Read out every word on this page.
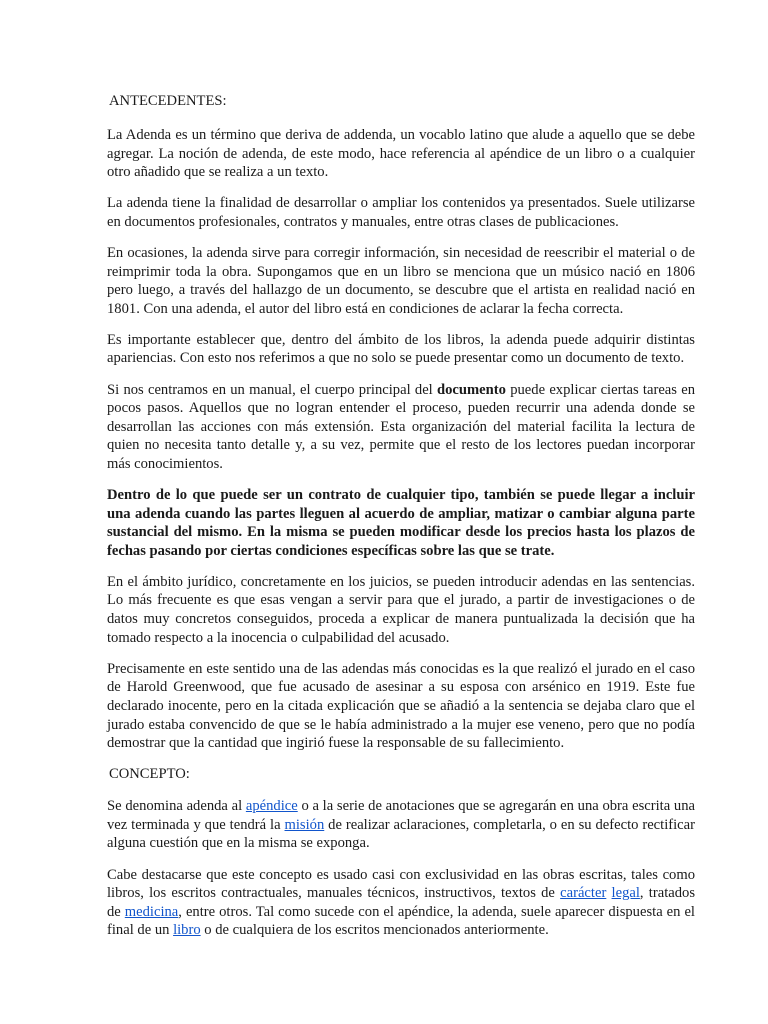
ANTECEDENTES:

La Adenda es un término que deriva de addenda, un vocablo latino que alude a aquello que se debe agregar. La noción de adenda, de este modo, hace referencia al apéndice de un libro o a cualquier otro añadido que se realiza a un texto.

La adenda tiene la finalidad de desarrollar o ampliar los contenidos ya presentados. Suele utilizarse en documentos profesionales, contratos y manuales, entre otras clases de publicaciones.

En ocasiones, la adenda sirve para corregir información, sin necesidad de reescribir el material o de reimprimir toda la obra. Supongamos que en un libro se menciona que un músico nació en 1806 pero luego, a través del hallazgo de un documento, se descubre que el artista en realidad nació en 1801. Con una adenda, el autor del libro está en condiciones de aclarar la fecha correcta.

Es importante establecer que, dentro del ámbito de los libros, la adenda puede adquirir distintas apariencias. Con esto nos referimos a que no solo se puede presentar como un documento de texto.

Si nos centramos en un manual, el cuerpo principal del documento puede explicar ciertas tareas en pocos pasos. Aquellos que no logran entender el proceso, pueden recurrir una adenda donde se desarrollan las acciones con más extensión. Esta organización del material facilita la lectura de quien no necesita tanto detalle y, a su vez, permite que el resto de los lectores puedan incorporar más conocimientos.

Dentro de lo que puede ser un contrato de cualquier tipo, también se puede llegar a incluir una adenda cuando las partes lleguen al acuerdo de ampliar, matizar o cambiar alguna parte sustancial del mismo. En la misma se pueden modificar desde los precios hasta los plazos de fechas pasando por ciertas condiciones específicas sobre las que se trate.

En el ámbito jurídico, concretamente en los juicios, se pueden introducir adendas en las sentencias. Lo más frecuente es que esas vengan a servir para que el jurado, a partir de investigaciones o de datos muy concretos conseguidos, proceda a explicar de manera puntualizada la decisión que ha tomado respecto a la inocencia o culpabilidad del acusado.

Precisamente en este sentido una de las adendas más conocidas es la que realizó el jurado en el caso de Harold Greenwood, que fue acusado de asesinar a su esposa con arsénico en 1919. Este fue declarado inocente, pero en la citada explicación que se añadió a la sentencia se dejaba claro que el jurado estaba convencido de que se le había administrado a la mujer ese veneno, pero que no podía demostrar que la cantidad que ingirió fuese la responsable de su fallecimiento.

CONCEPTO:

Se denomina adenda al apéndice o a la serie de anotaciones que se agregarán en una obra escrita una vez terminada y que tendrá la misión de realizar aclaraciones, completarla, o en su defecto rectificar alguna cuestión que en la misma se exponga.

Cabe destacarse que este concepto es usado casi con exclusividad en las obras escritas, tales como libros, los escritos contractuales, manuales técnicos, instructivos, textos de carácter legal, tratados de medicina, entre otros. Tal como sucede con el apéndice, la adenda, suele aparecer dispuesta en el final de un libro o de cualquiera de los escritos mencionados anteriormente.
